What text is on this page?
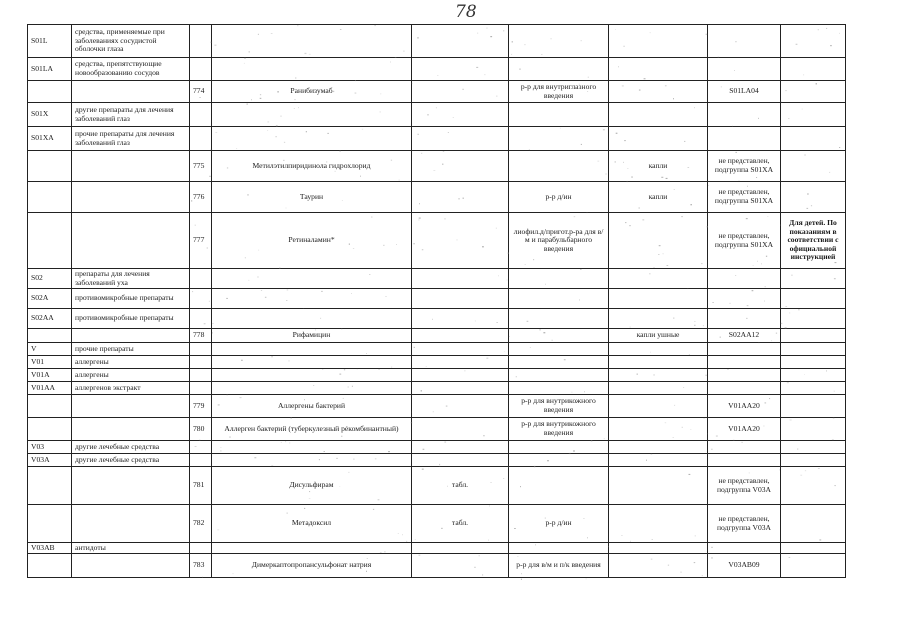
78
S01L	средства, применяемые при заболеваниях сосудистой оболочки глаза							
S01LA	средства, препятствующие новообразованию сосудов							
		774	Ранибизумаб		р-р для внутриглазного введения		S01LA04	
S01X	другие препараты для лечения заболеваний глаз							
S01XA	прочие препараты для лечения заболеваний глаз							
		775	Метилэтилпиридинола гидрохлорид			капли	не представлен, подгруппа S01XA	
		776	Таурин		р-р д/ин	капли	не представлен, подгруппа S01XA	
		777	Ретиналамин*		лиофил.д/пригот.р-ра для в/м и парабульбарного введения		не представлен, подгруппа S01XA	Для детей. По показаниям в соответствии с официальной инструкцией
S02	препараты для лечения заболеваний уха							
S02A	противомикробные препараты							
S02AA	противомикробные препараты							
		778	Рифамицин			капли ушные	S02AA12	
V	прочие препараты							
V01	аллергены							
V01A	аллергены							
V01AA	аллергенов экстракт							
		779	Аллергены бактерий		р-р для внутрикожного введения		V01AA20	
		780	Аллерген бактерий (туберкулезный рекомбинантный)		р-р для внутрикожного введения		V01AA20	
V03	другие лечебные средства							
V03A	другие лечебные средства							
		781	Дисульфирам	табл.			не представлен, подгруппа V03A	
		782	Метадоксил	табл.	р-р д/ин		не представлен, подгруппа V03A	
V03AB	антидоты							
		783	Димеркаптопропансульфонат натрия		р-р для в/м и п/к введения		V03AB09	
